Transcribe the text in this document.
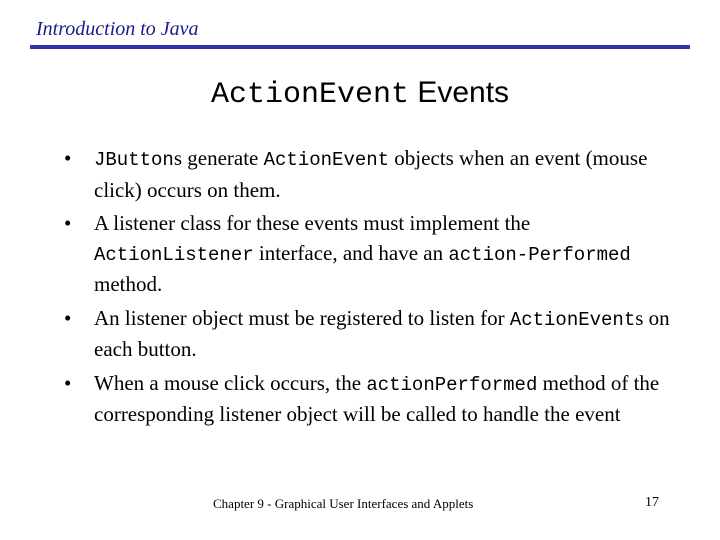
Introduction to Java
ActionEvent Events
• JButtons generate ActionEvent objects when an event (mouse click) occurs on them.
• A listener class for these events must implement the ActionListener interface, and have an action-Performed method.
• An listener object must be registered to listen for ActionEvents on each button.
• When a mouse click occurs, the actionPerformed method of the corresponding listener object will be called to handle the event
Chapter 9 - Graphical User Interfaces and Applets	17
